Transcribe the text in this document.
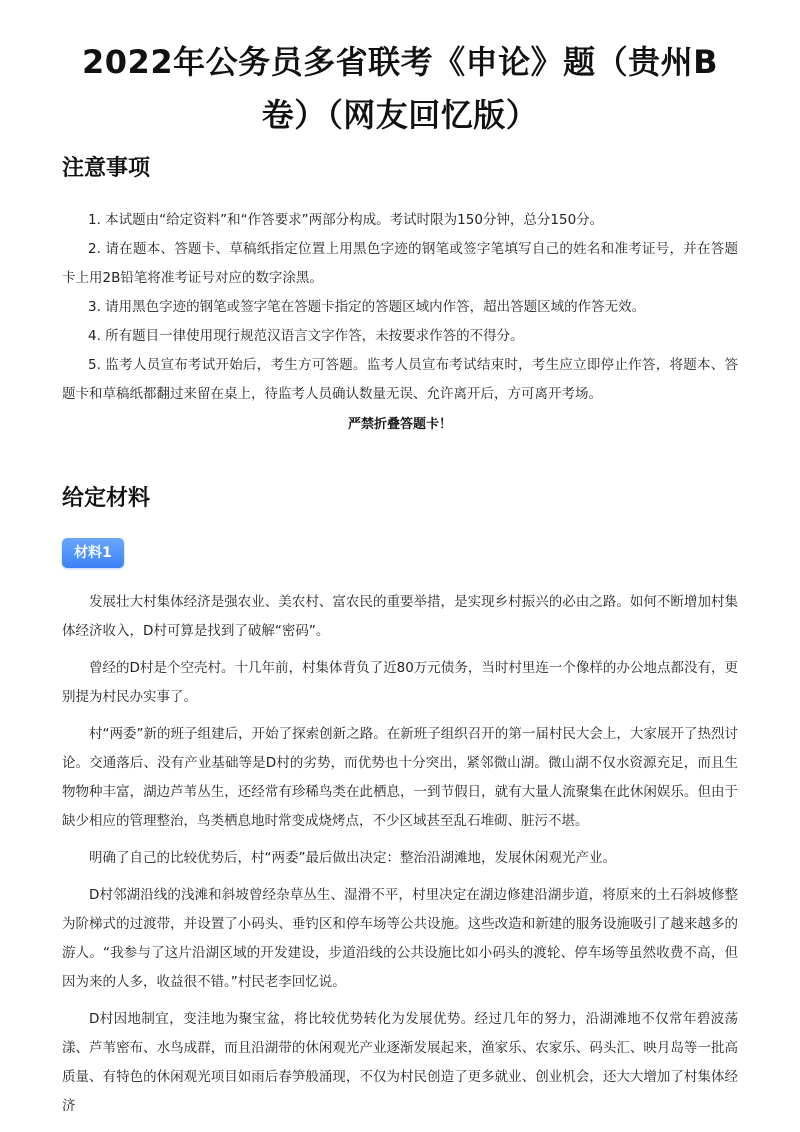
2022年公务员多省联考《申论》题（贵州B卷）（网友回忆版）
注意事项
1. 本试题由“给定资料”和“作答要求”两部分构成。考试时限为150分钟，总分150分。
2. 请在题本、答题卡、草稿纸指定位置上用黑色字迹的钢笔或签字笔填写自己的姓名和准考证号，并在答题卡上用2B铅笔将准考证号对应的数字涂黑。
3. 请用黑色字迹的钢笔或签字笔在答题卡指定的答题区域内作答，超出答题区域的作答无效。
4. 所有题目一律使用现行规范汉语言文字作答，未按要求作答的不得分。
5. 监考人员宣布考试开始后，考生方可答题。监考人员宣布考试结束时，考生应立即停止作答，将题本、答题卡和草稿纸都翻过来留在桌上，待监考人员确认数量无误、允许离开后，方可离开考场。
严禁折叠答题卡！
给定材料
材料1

发展壮大村集体经济是强农业、美农村、富农民的重要举措，是实现乡村振兴的必由之路。如何不断增加村集体经济收入，D村可算是找到了破解“密码”。

曾经的D村是个空壳村。十几年前，村集体背负了近80万元债务，当时村里连一个像样的办公地点都没有，更别提为村民办实事了。

村“两委”新的班子组建后，开始了探索创新之路。在新班子组织召开的第一届村民大会上，大家展开了热烈讨论。交通落后、没有产业基础等是D村的劣势，而优势也十分突出，紧邻微山湖。微山湖不仅水资源充足，而且生物物种丰富，湖边芦苇丛生，还经常有珍稀鸟类在此栖息，一到节假日，就有大量人流聚集在此休闲娱乐。但由于缺少相应的管理整治，鸟类栖息地时常变成烧烤点，不少区域甚至乱石堆砌、脏污不堪。

明确了自己的比较优势后，村“两委”最后做出决定：整治沿湖滩地，发展休闲观光产业。

D村邻湖沿线的浅滩和斜坡曾经杂草丛生、湿滑不平，村里决定在湖边修建沿湖步道，将原来的土石斜坡修整为阶梯式的过渡带，并设置了小码头、垂钓区和停车场等公共设施。这些改造和新建的服务设施吸引了越来越多的游人。“我参与了这片沿湖区域的开发建设，步道沿线的公共设施比如小码头的渡轮、停车场等虽然收费不高，但因为来的人多，收益很不错。”村民老李回忆说。

D村因地制宜，变洼地为聚宝盆，将比较优势转化为发展优势。经过几年的努力，沿湖滩地不仅常年碧波荡漾、芦苇密布、水鸟成群，而且沿湖带的休闲观光产业逐渐发展起来，渔家乐、农家乐、码头汇、映月岛等一批高质量、有特色的休闲观光项目如雨后春笋般涌现，不仅为村民创造了更多就业、创业机会，还大大增加了村集体经济
